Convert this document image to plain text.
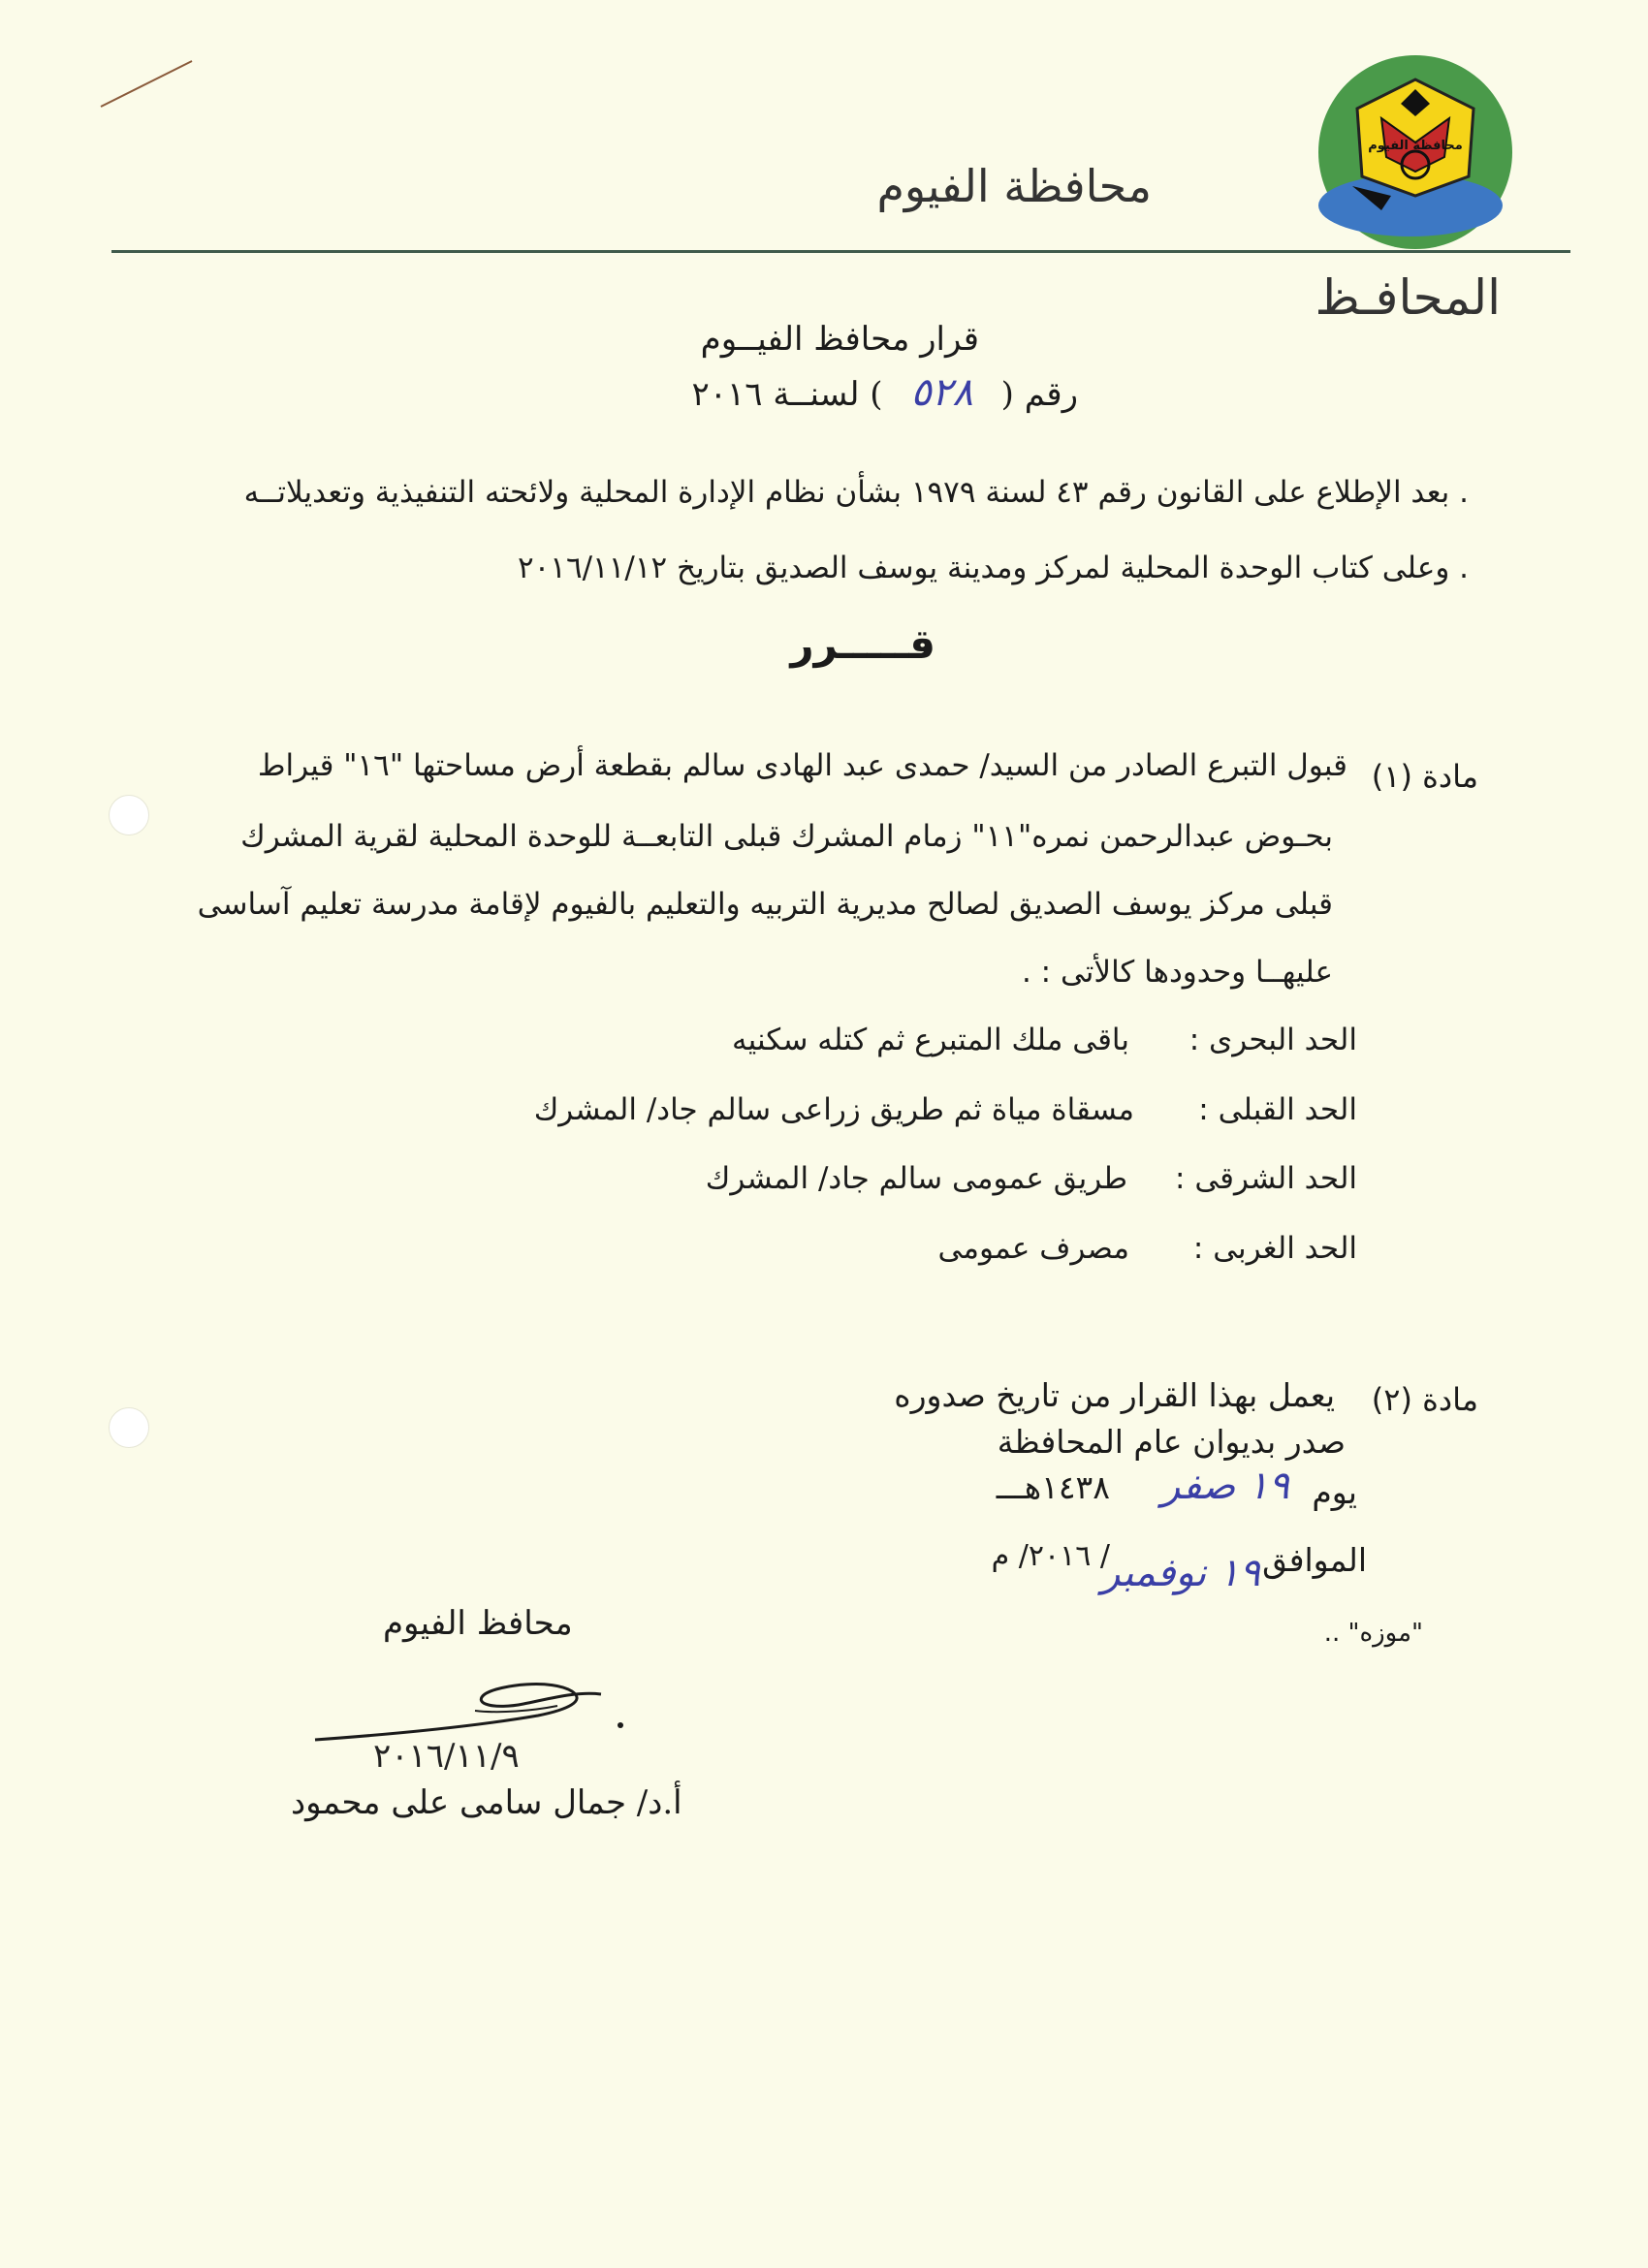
محافظة الفيوم
محافظة الفيوم
المحافـظ
قرار محافظ الفيــوم
رقم ( ٥٢٨ ) لسنــة ٢٠١٦
. بعد الإطلاع على القانون رقم ٤٣ لسنة ١٩٧٩ بشأن نظام الإدارة المحلية ولائحته التنفيذية وتعديلاتــه
. وعلى كتاب الوحدة المحلية لمركز ومدينة يوسف الصديق بتاريخ ٢٠١٦/١١/١٢
قـــــرر
مادة (١)
قبول التبرع الصادر من السيد/ حمدى عبد الهادى سالم بقطعة أرض مساحتها "١٦" قيراط
بحـوض عبدالرحمن نمره"١١" زمام المشرك قبلى التابعــة للوحدة المحلية لقرية المشرك
قبلى مركز يوسف الصديق لصالح مديرية التربيه والتعليم بالفيوم لإقامة مدرسة تعليم آساسى
عليهــا وحدودها كالأتى : .
الحد البحرى :
باقى ملك المتبرع ثم كتله سكنيه
الحد القبلى :
مسقاة مياة ثم طريق زراعى سالم جاد/ المشرك
الحد الشرقى :
طريق عمومى سالم جاد/ المشرك
الحد الغربى :
مصرف عمومى
مادة (٢)
يعمل بهذا القرار من تاريخ صدوره
صدر بديوان عام المحافظة
يوم
١٩ صفر
١٤٣٨هـــ
الموافق
١٩ نوفمبر
/ ٢٠١٦/ م
"موزه" ..
محافظ الفيوم
٢٠١٦/١١/٩
أ.د/ جمال سامى على محمود
